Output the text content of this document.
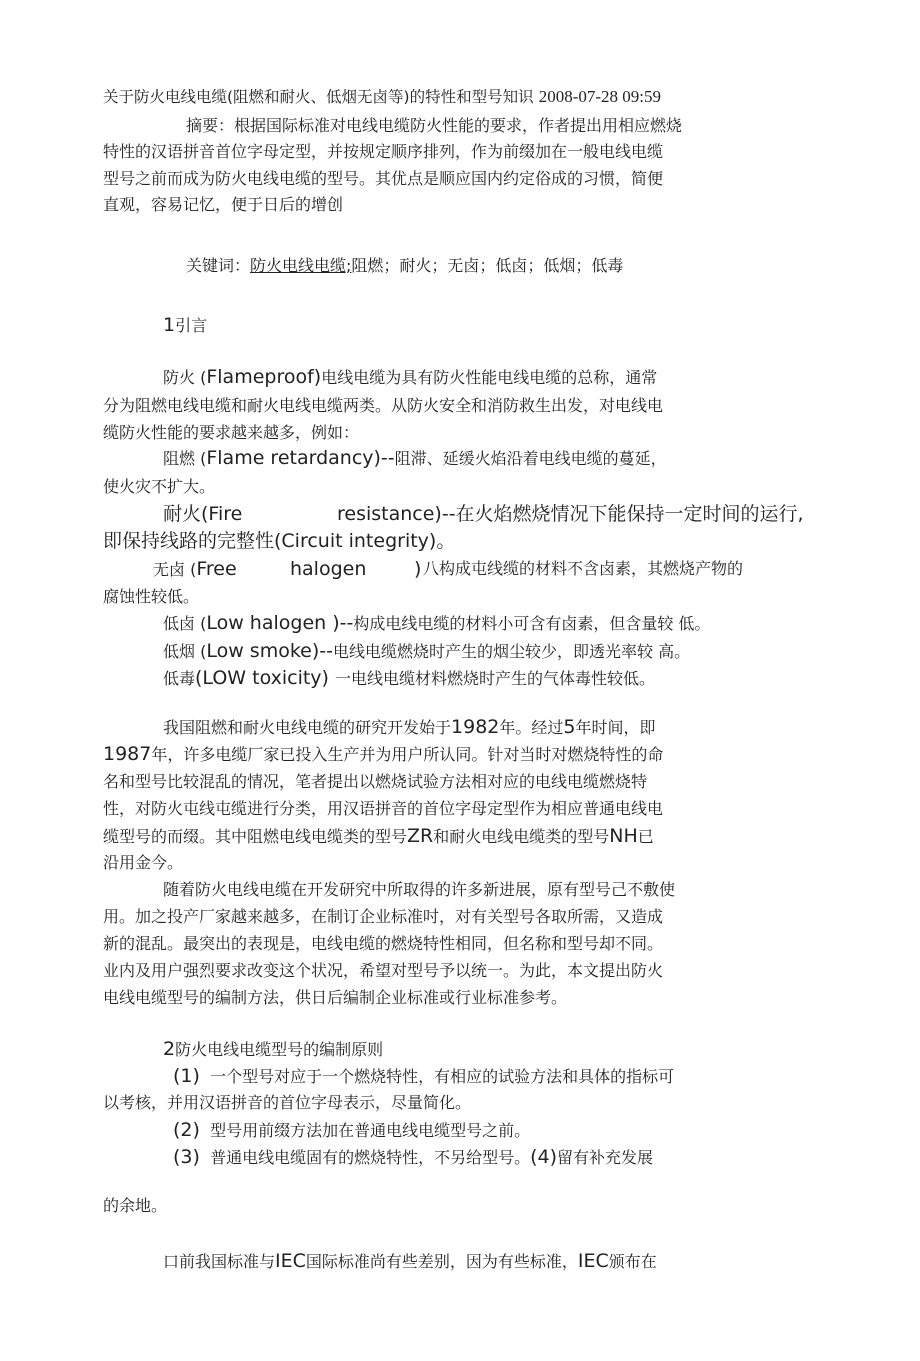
关于防火电线电缆(阻燃和耐火、低烟无卤等)的特性和型号知识 2008-07-28 09:59
摘要：根据国际标准对电线电缆防火性能的要求，作者提出用相应燃烧
特性的汉语拼音首位字母定型，并按规定顺序排列，作为前缀加在一般电线电缆
型号之前而成为防火电线电缆的型号。其优点是顺应国内约定俗成的习惯，简便
直观，容易记忆，便于日后的增创
关键词：防火电线电缆;阻燃；耐火；无卤；低卤；低烟；低毒
1引言
防火 (Flameproof)电线电缆为具有防火性能电线电缆的总称，通常
分为阻燃电线电缆和耐火电线电缆两类。从防火安全和消防救生出发，对电线电
缆防火性能的要求越来越多，例如：
阻燃 (Flame retardancy)--阻滞、延缓火焰沿着电线电缆的蔓延，
使火灾不扩大。
耐火(Fire	resistance)--在火焰燃烧情况下能保持一定时间的运行,
即保持线路的完整性(Circuit integrity)。
无卤 (Free	halogen	) 八构成屯线缆的材料不含卤素，其燃烧产物的
腐蚀性较低。
低卤 (Low halogen )--构成电线电缆的材料小可含有卤素，但含量较 低。
低烟 (Low smoke)--电线电缆燃烧时产生的烟尘较少，即透光率较 高。
低毒(LOW toxicity) 一电线电缆材料燃烧时产生的气体毒性较低。
我国阻燃和耐火电线电缆的研究开发始于1982年。经过5年时间，即
1987年，许多电缆厂家已投入生产并为用户所认同。针对当时对燃烧特性的命
名和型号比较混乱的情况，笔者提出以燃烧试验方法相对应的电线电缆燃烧特
性，对防火屯线屯缆进行分类，用汉语拼音的首位字母定型作为相应普通电线电
缆型号的而缀。其中阻燃电线电缆类的型号ZR和耐火电线电缆类的型号NH已
沿用金今。
随着防火电线电缆在开发研究中所取得的许多新进展，原有型号己不敷使
用。加之投产厂家越来越多，在制订企业标准吋，对有关型号各取所需，又造成
新的混乱。最突出的表现是，电线电缆的燃烧特性相同，但名称和型号却不同。
业内及用户强烈要求改变这个状况，希望对型号予以统一。为此，本文提出防火
电线电缆型号的编制方法，供日后编制企业标准或行业标准参考。
2防火电线电缆型号的编制原则
(1) 一个型号对应于一个燃烧特性，有相应的试验方法和具体的指标可
以考核，并用汉语拼音的首位字母表示，尽量简化。
(2) 型号用前缀方法加在普通电线电缆型号之前。
(3) 普通电线电缆固有的燃烧特性，不另给型号。(4)留有补充发展
的余地。
口前我国标准与IEC国际标准尚有些差别，因为有些标准，IEC颁布在
